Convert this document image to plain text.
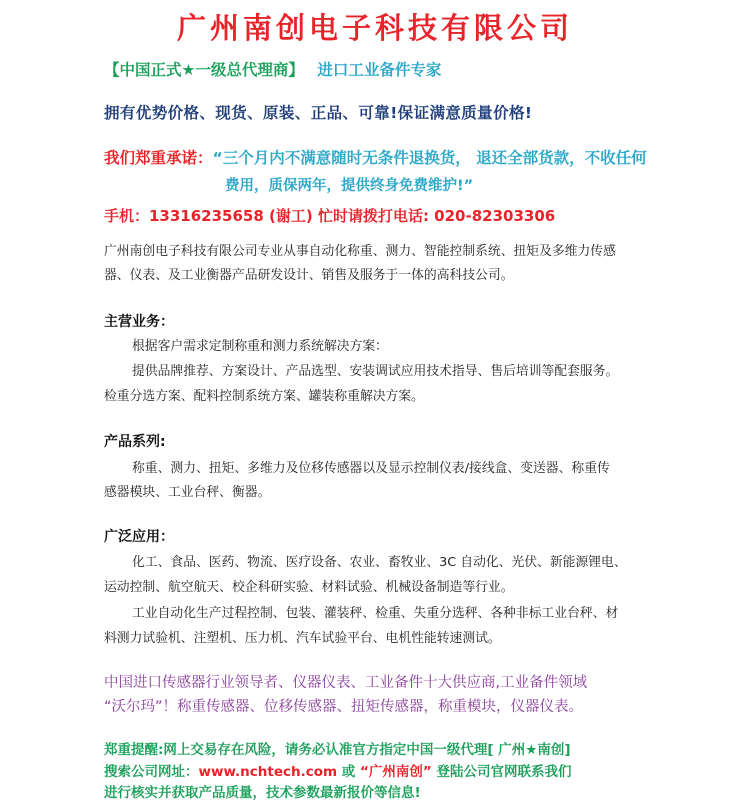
广州南创电子科技有限公司
【中国正式★一级总代理商】 进口工业备件专家
拥有优势价格、现货、原装、正品、可靠!保证满意质量价格!
我们郑重承诺：“三个月内不满意随时无条件退换货， 退还全部货款，不收任何
费用，质保两年，提供终身免费维护!”
手机：13316235658 (谢工) 忙时请拨打电话: 020-82303306
广州南创电子科技有限公司专业从事自动化称重、测力、智能控制系统、扭矩及多维力传感
器、仪表、及工业衡器产品研发设计、销售及服务于一体的高科技公司。
主营业务：
根据客户需求定制称重和测力系统解决方案：
提供品牌推荐、方案设计、产品选型、安装调试应用技术指导、售后培训等配套服务。
检重分选方案、配料控制系统方案、罐装称重解决方案。
产品系列:
称重、测力、扭矩、多维力及位移传感器以及显示控制仪表/接线盒、变送器、称重传
感器模块、工业台秤、衡器。
广泛应用：
化工、食品、医药、物流、医疗设备、农业、畜牧业、3C 自动化、光伏、新能源锂电、
运动控制、航空航天、校企科研实验、材料试验、机械设备制造等行业。
工业自动化生产过程控制、包装、灌装秤、检重、失重分选秤、各种非标工业台秤、材
料测力试验机、注塑机、压力机、汽车试验平台、电机性能转速测试。
中国进口传感器行业领导者、仪器仪表、工业备件十大供应商,工业备件领域
“沃尔玛”！称重传感器、位移传感器、扭矩传感器，称重模块，仪器仪表。
郑重提醒:网上交易存在风险，请务必认准官方指定中国一级代理[ 广州★南创]
搜索公司网址：www.nchtech.com 或 “广州南创” 登陆公司官网联系我们
进行核实并获取产品质量，技术参数最新报价等信息!
